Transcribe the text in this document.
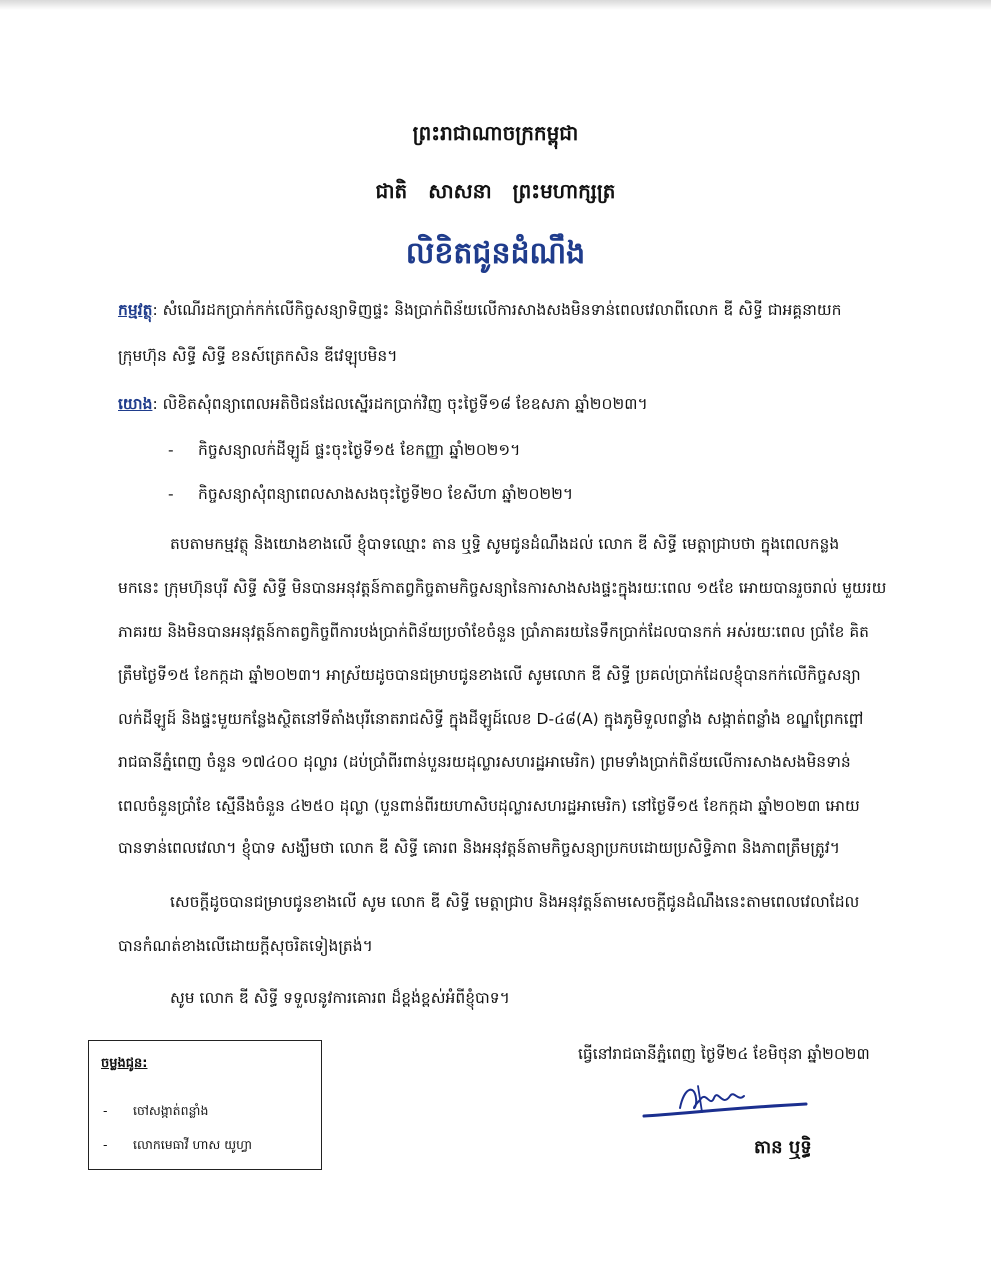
ព្រះរាជាណាចក្រកម្ពុជា
ជាតិ សាសនា ព្រះមហាក្សត្រ
លិខិតជូនដំណឹង
កម្មវត្ថុ: សំណើរដកប្រាក់កក់លើកិច្ចសន្យាទិញផ្ទះ និងប្រាក់ពិន័យលើការសាងសងមិនទាន់ពេលវេលាពីលោក ឌី សិទ្ធី ជាអគ្គនាយក
ក្រុមហ៊ុន សិទ្ធី សិទ្ធី ខនស៍ត្រេកសិន ឌីវេឡុបមិន។
យោង: លិខិតសុំពន្យាពេលអតិថិជនដែលស្នើរដកប្រាក់វិញ ចុះថ្ងៃទី១៨ ខែឧសភា ឆ្នាំ២០២៣។
- កិច្ចសន្យាលក់ដីឡូដ៍ ផ្ទះចុះថ្ងៃទី១៥ ខែកញ្ញា ឆ្នាំ២០២១។
- កិច្ចសន្យាសុំពន្យាពេលសាងសងចុះថ្ងៃទី២០ ខែសីហា ឆ្នាំ២០២២។
តបតាមកម្មវត្ថុ និងយោងខាងលើ ខ្ញុំបាទឈ្មោះ តាន ឬទ្ធិ សូមជូនដំណឹងដល់ លោក ឌី សិទ្ធី មេត្តាជ្រាបថា ក្នុងពេលកន្លង
មកនេះ ក្រុមហ៊ុនបុរី សិទ្ធី សិទ្ធី មិនបានអនុវត្តន៍កាតព្វកិច្ចតាមកិច្ចសន្យានៃការសាងសងផ្ទះក្នុងរយៈពេល ១៥ខែ អោយបានរួចរាល់ មួយរយ
ភាគរយ និងមិនបានអនុវត្តន៍កាតព្វកិច្ចពីការបង់ប្រាក់ពិន័យប្រចាំខែចំនួន ប្រាំភាគរយនៃទឹកប្រាក់ដែលបានកក់ អស់រយៈពេល ប្រាំខែ គិត
ត្រឹមថ្ងៃទី១៥ ខែកក្កដា ឆ្នាំ២០២៣។ អាស្រ័យដូចបានជម្រាបជូនខាងលើ សូមលោក ឌី សិទ្ធី ប្រគល់ប្រាក់ដែលខ្ញុំបានកក់លើកិច្ចសន្យា
លក់ដីឡូដ៍ និងផ្ទះមួយកន្លែងស្ថិតនៅទីតាំងបុរីនោតរាជសិទ្ធី ក្នុងដីឡូដ៍លេខ D-៤៨(A) ក្នុងភូមិទួលពន្លាំង សង្កាត់ពន្លាំង ខណ្ឌព្រែកព្នៅ
រាជធានីភ្នំពេញ ចំនួន ១៧៤០០ ដុល្លារ (ដប់ប្រាំពីរពាន់បួនរយដុល្លារសហរដ្ឋអាមេរិក) ព្រមទាំងប្រាក់ពិន័យលើការសាងសងមិនទាន់
ពេលចំនួនប្រាំខែ ស្មើនឹងចំនួន ៤២៥០ ដុល្លា (បួនពាន់ពីរយហាសិបដុល្លារសហរដ្ឋអាមេរិក) នៅថ្ងៃទី១៥ ខែកក្កដា ឆ្នាំ២០២៣ អោយ
បានទាន់ពេលវេលា។ ខ្ញុំបាទ សង្ឃឹមថា លោក ឌី សិទ្ធី គោរព និងអនុវត្តន៍តាមកិច្ចសន្យាប្រកបដោយប្រសិទ្ធិភាព និងភាពត្រឹមត្រូវ។
សេចក្តីដូចបានជម្រាបជូនខាងលើ សូម លោក ឌី សិទ្ធី មេត្តាជ្រាប និងអនុវត្តន៍តាមសេចក្តីជូនដំណឹងនេះតាមពេលវេលាដែល
បានកំណត់ខាងលើដោយក្តីសុចរិតទៀងត្រង់។
សូម លោក ឌី សិទ្ធី ទទួលនូវការគោរព ដ៏ខ្ពង់ខ្ពស់អំពីខ្ញុំបាទ។
ចម្លងជូន:
- ចៅសង្កាត់ពន្លាំង
- លោកមេធាវី ហាស យូហ្វា
ធ្វើនៅរាជធានីភ្នំពេញ ថ្ងៃទី២៤ ខែមិថុនា ឆ្នាំ២០២៣
តាន ឬទ្ធិ
